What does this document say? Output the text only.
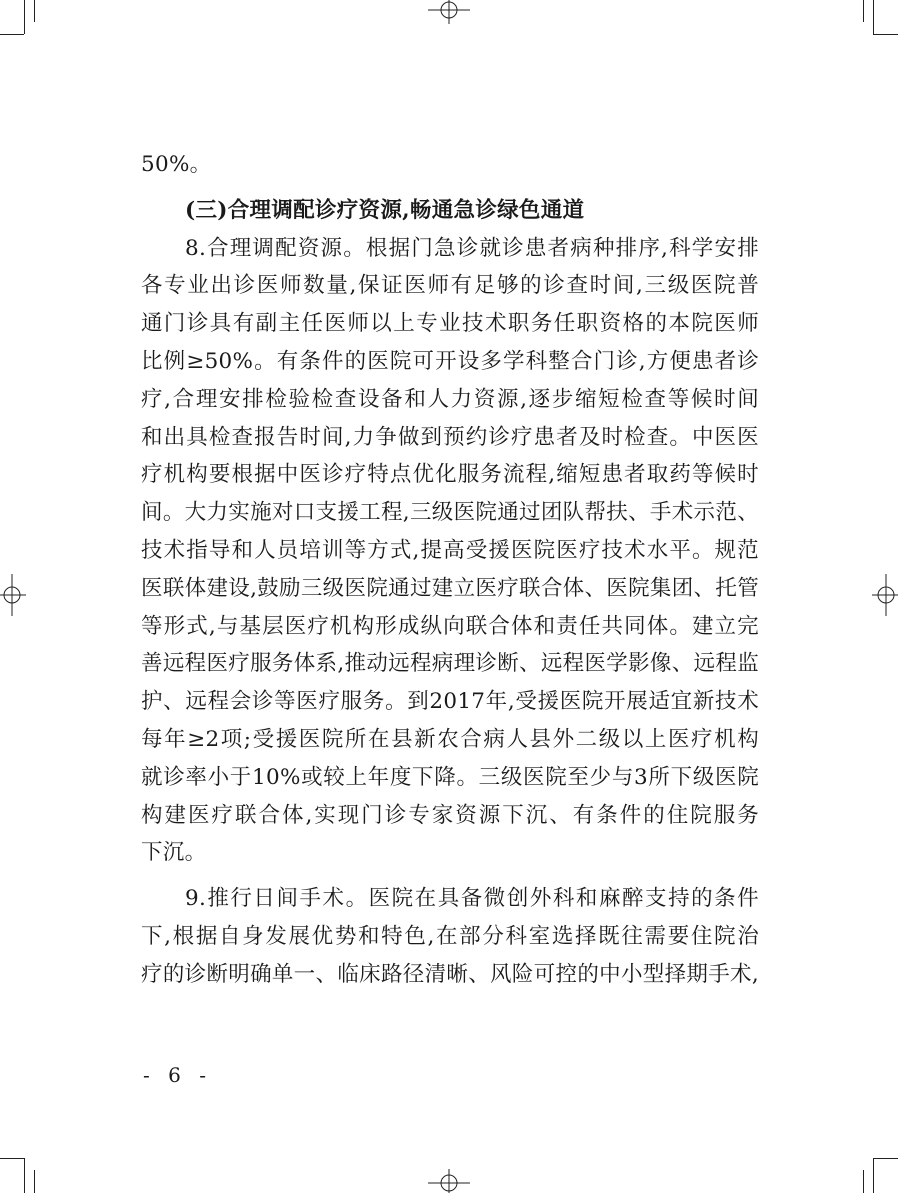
50%。
(三)合理调配诊疗资源,畅通急诊绿色通道
8.合理调配资源。根据门急诊就诊患者病种排序,科学安排
各专业出诊医师数量,保证医师有足够的诊查时间,三级医院普
通门诊具有副主任医师以上专业技术职务任职资格的本院医师
比例≥50%。有条件的医院可开设多学科整合门诊,方便患者诊
疗,合理安排检验检查设备和人力资源,逐步缩短检查等候时间
和出具检查报告时间,力争做到预约诊疗患者及时检查。中医医
疗机构要根据中医诊疗特点优化服务流程,缩短患者取药等候时
间。大力实施对口支援工程,三级医院通过团队帮扶、手术示范、
技术指导和人员培训等方式,提高受援医院医疗技术水平。规范
医联体建设,鼓励三级医院通过建立医疗联合体、医院集团、托管
等形式,与基层医疗机构形成纵向联合体和责任共同体。建立完
善远程医疗服务体系,推动远程病理诊断、远程医学影像、远程监
护、远程会诊等医疗服务。到2017年,受援医院开展适宜新技术
每年≥2项;受援医院所在县新农合病人县外二级以上医疗机构
就诊率小于10%或较上年度下降。三级医院至少与3所下级医院
构建医疗联合体,实现门诊专家资源下沉、有条件的住院服务
下沉。
9.推行日间手术。医院在具备微创外科和麻醉支持的条件
下,根据自身发展优势和特色,在部分科室选择既往需要住院治
疗的诊断明确单一、临床路径清晰、风险可控的中小型择期手术,
- 6 -
